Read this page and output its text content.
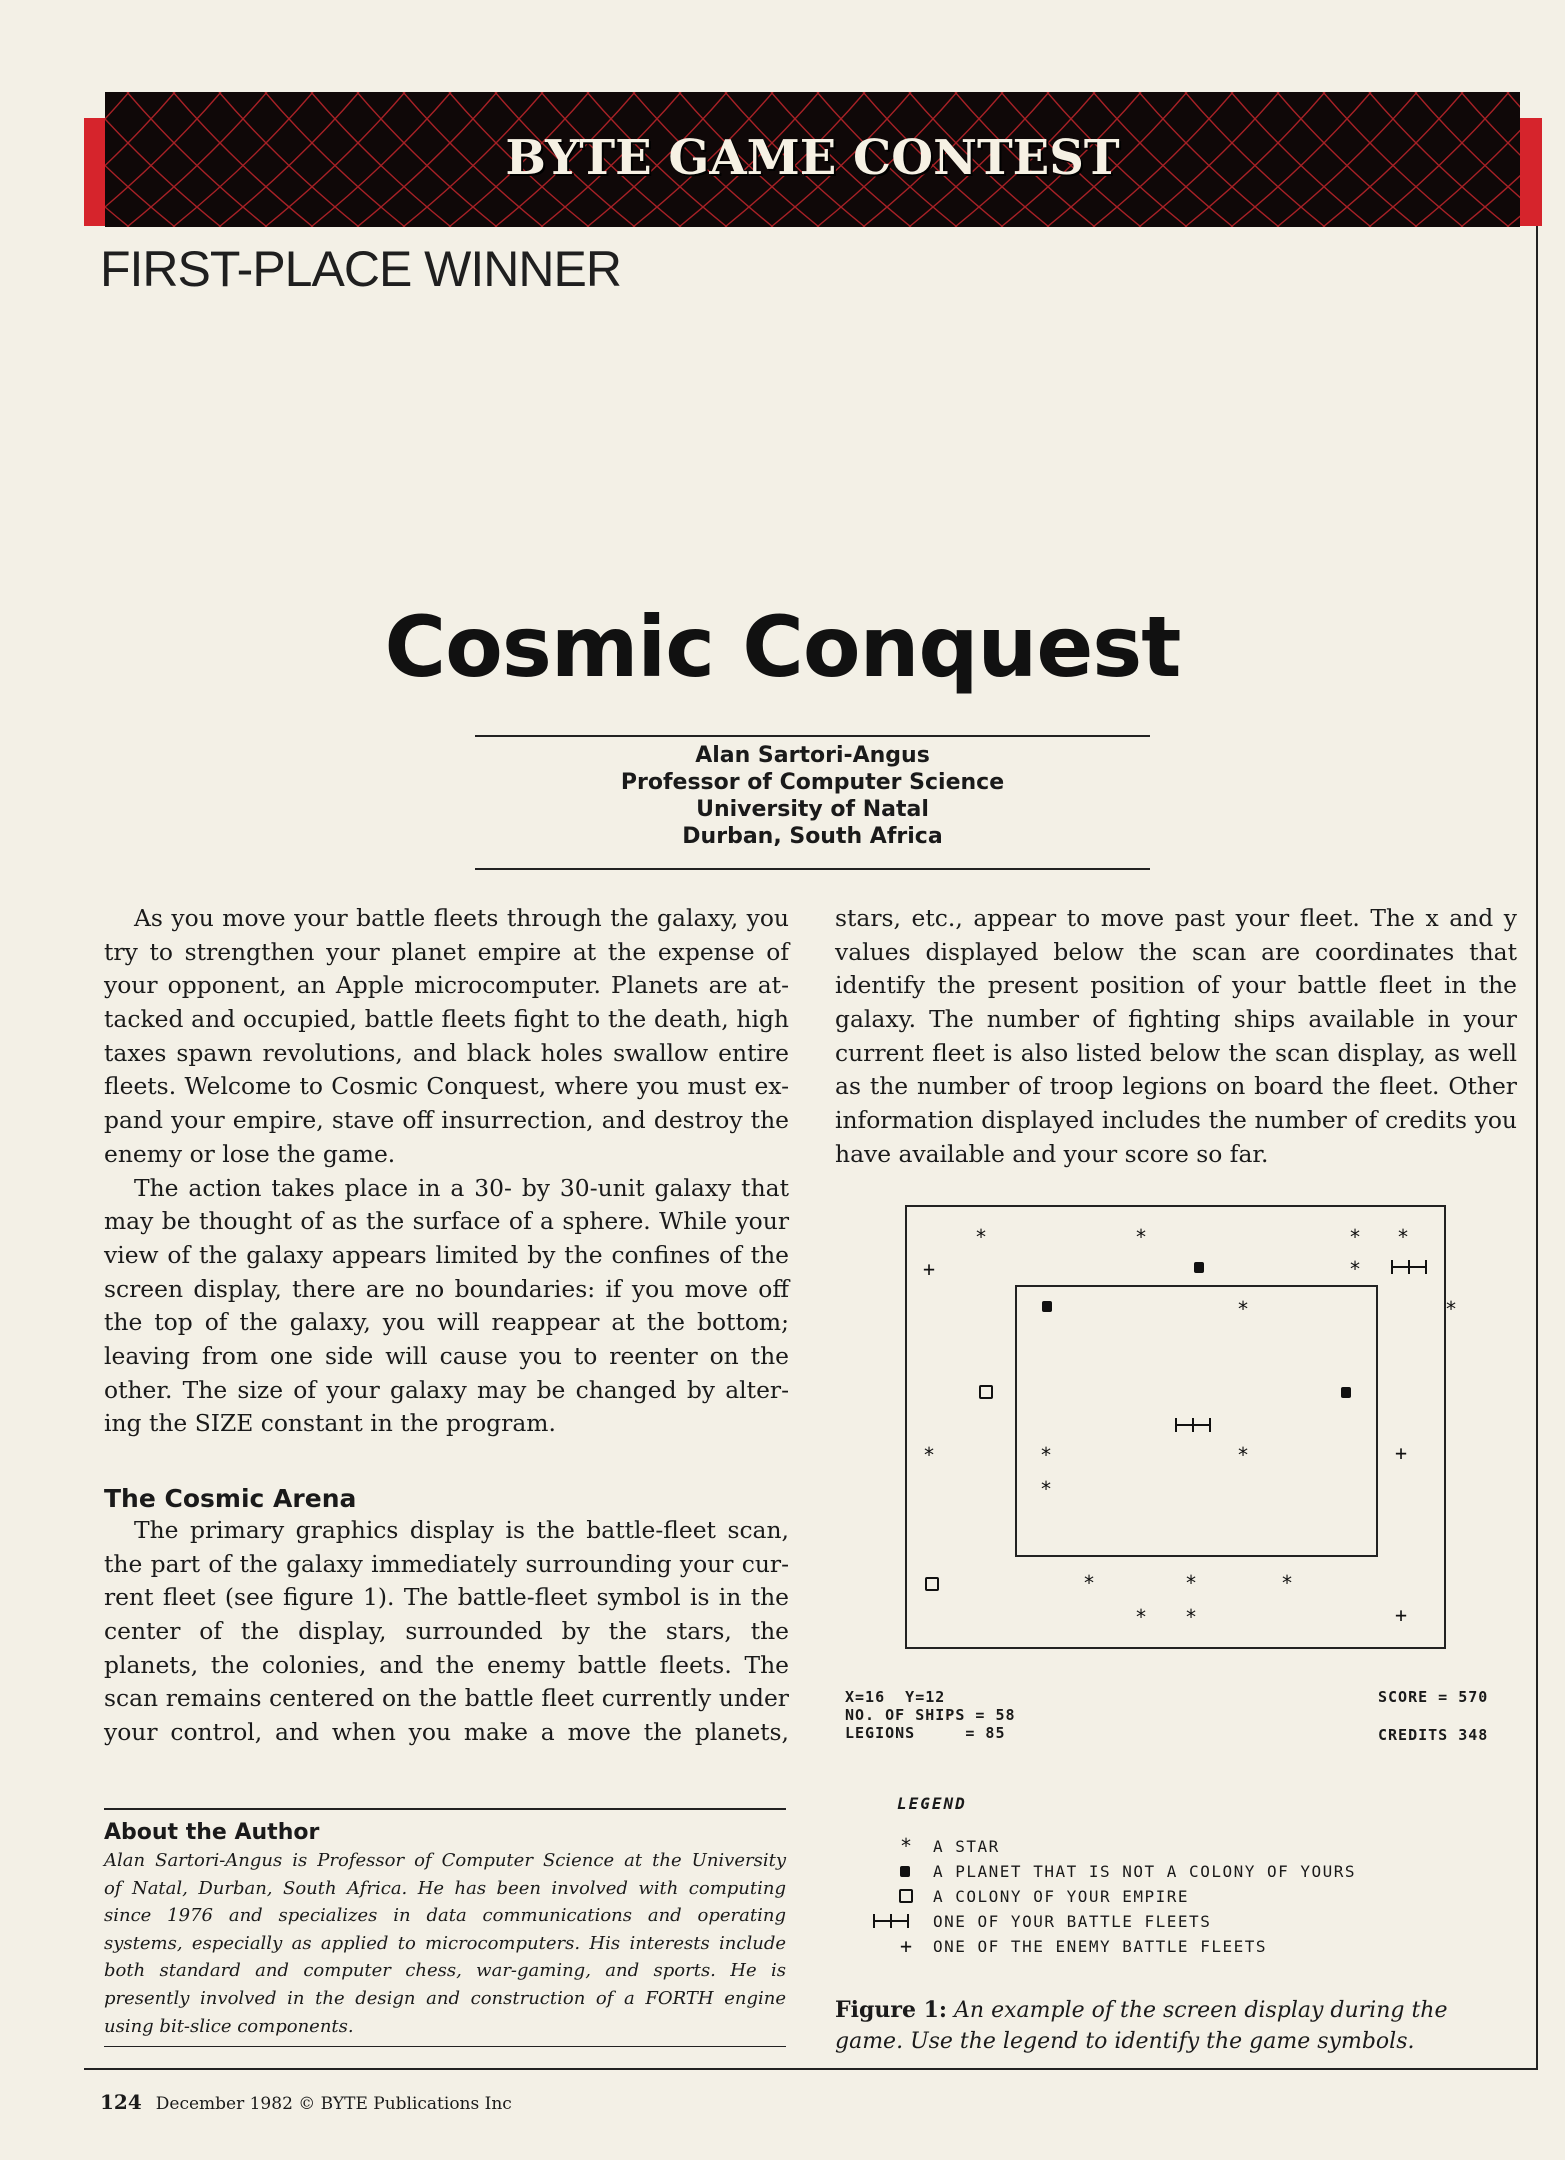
BYTE GAME CONTEST
FIRST-PLACE WINNER
Cosmic Conquest
Alan Sartori-Angus
Professor of Computer Science
University of Natal
Durban, South Africa
As you move your battle fleets through the galaxy, you
try to strengthen your planet empire at the expense of
your opponent, an Apple microcomputer. Planets are at-
tacked and occupied, battle fleets fight to the death, high
taxes spawn revolutions, and black holes swallow entire
fleets. Welcome to Cosmic Conquest, where you must ex-
pand your empire, stave off insurrection, and destroy the
enemy or lose the game.
The action takes place in a 30- by 30-unit galaxy that
may be thought of as the surface of a sphere. While your
view of the galaxy appears limited by the confines of the
screen display, there are no boundaries: if you move off
the top of the galaxy, you will reappear at the bottom;
leaving from one side will cause you to reenter on the
other. The size of your galaxy may be changed by alter-
ing the SIZE constant in the program.
The Cosmic Arena
The primary graphics display is the battle-fleet scan,
the part of the galaxy immediately surrounding your cur-
rent fleet (see figure 1). The battle-fleet symbol is in the
center of the display, surrounded by the stars, the
planets, the colonies, and the enemy battle fleets. The
scan remains centered on the battle fleet currently under
your control, and when you make a move the planets,
stars, etc., appear to move past your fleet. The x and y
values displayed below the scan are coordinates that
identify the present position of your battle fleet in the
galaxy. The number of fighting ships available in your
current fleet is also listed below the scan display, as well
as the number of troop legions on board the fleet. Other
information displayed includes the number of credits you
have available and your score so far.
About the Author
Alan Sartori-Angus is Professor of Computer Science at the University
of Natal, Durban, South Africa. He has been involved with computing
since 1976 and specializes in data communications and operating
systems, especially as applied to microcomputers. His interests include
both standard and computer chess, war-gaming, and sports. He is
presently involved in the design and construction of a FORTH engine
using bit-slice components.
*	*	* *
+	*
*	*
*	*	*	+
*
*	*	*
* *	+
X=16  Y=12
NO. OF SHIPS = 58
LEGIONS     = 85
SCORE = 570
CREDITS 348
LEGEND
* A STAR
A PLANET THAT IS NOT A COLONY OF YOURS
A COLONY OF YOUR EMPIRE
ONE OF YOUR BATTLE FLEETS
+ ONE OF THE ENEMY BATTLE FLEETS
Figure 1: An example of the screen display during the game. Use the legend to identify the game symbols.
124 December 1982 © BYTE Publications Inc
